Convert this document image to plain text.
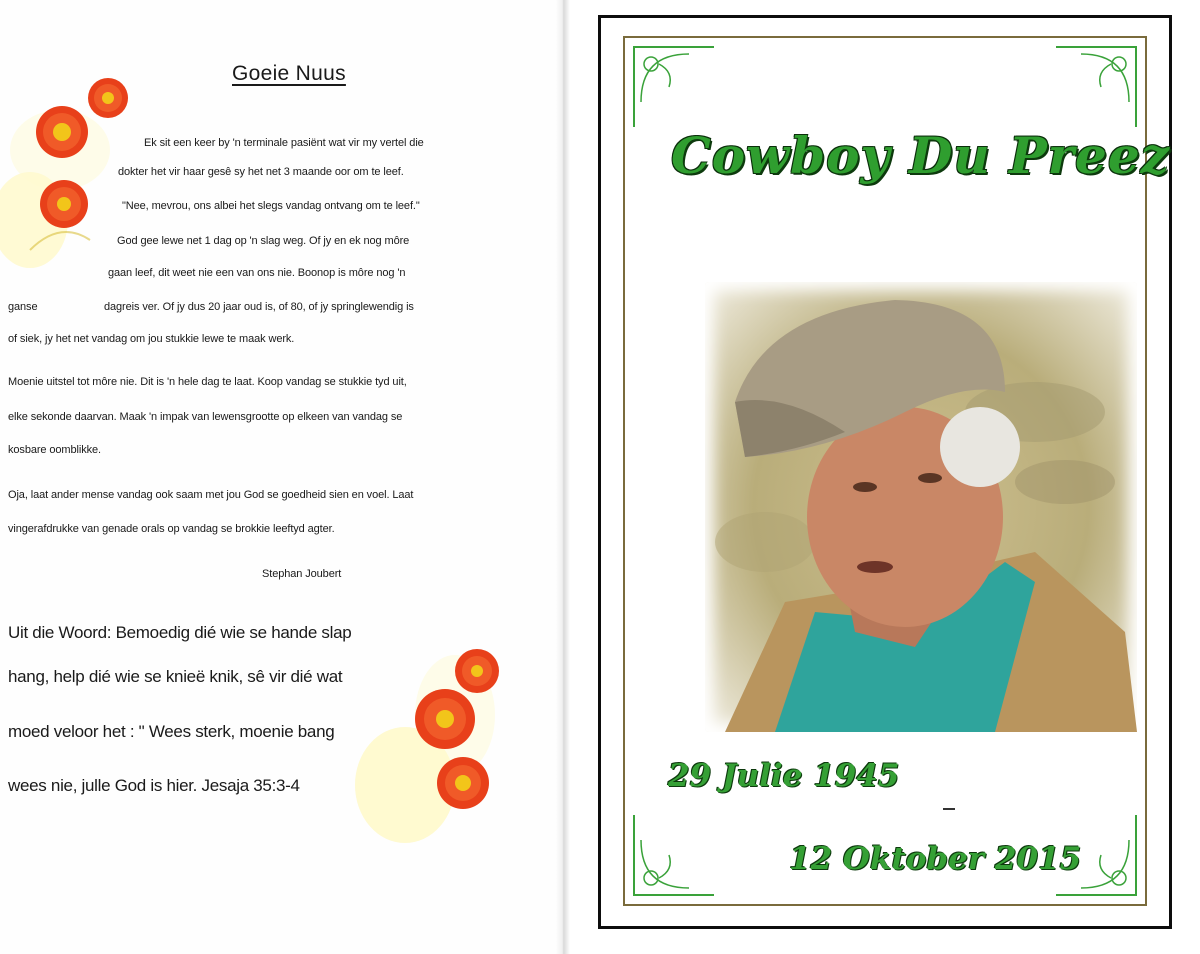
Goeie Nuus
Ek sit een keer by 'n terminale pasiënt wat vir my vertel die
dokter het vir haar gesê sy het net 3 maande oor om te leef.
"Nee, mevrou, ons albei het slegs vandag ontvang om te leef."
God gee lewe net 1 dag op 'n slag weg. Of jy en ek nog môre
gaan leef, dit weet nie een van ons nie. Boonop is môre nog 'n
ganse	dagreis ver. Of jy dus 20 jaar oud is, of 80, of jy springlewendig is
of siek, jy het net vandag om jou stukkie lewe te maak werk.
Moenie uitstel tot môre nie. Dit is 'n hele dag te laat. Koop vandag se stukkie tyd uit,
elke sekonde daarvan. Maak 'n impak van lewensgrootte op elkeen van vandag se
kosbare oomblikke.
Oja, laat ander mense vandag ook saam met jou God se goedheid sien en voel. Laat
vingerafdrukke van genade orals op vandag se brokkie leeftyd agter.
Stephan Joubert
Uit die Woord: Bemoedig dié wie se hande slap
hang, help dié wie se knieë knik, sê vir dié wat
moed veloor het : " Wees sterk, moenie bang
wees nie, julle God is hier. Jesaja 35:3-4
Cowboy Du Preez
29 Julie 1945
12 Oktober 2015
